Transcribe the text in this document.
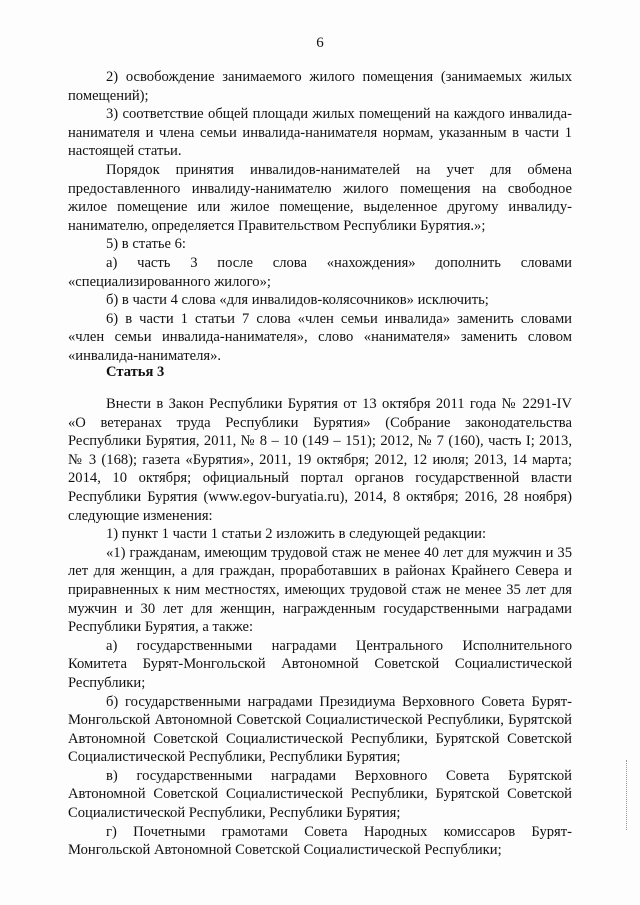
6

2) освобождение занимаемого жилого помещения (занимаемых жилых помещений);

3) соответствие общей площади жилых помещений на каждого инвалида-нанимателя и члена семьи инвалида-нанимателя нормам, указанным в части 1 настоящей статьи.

Порядок принятия инвалидов-нанимателей на учет для обмена предоставленного инвалиду-нанимателю жилого помещения на свободное жилое помещение или жилое помещение, выделенное другому инвалиду-нанимателю, определяется Правительством Республики Бурятия.»;

5) в статье 6:

а) часть 3 после слова «нахождения» дополнить словами «специализированного жилого»;

б) в части 4 слова «для инвалидов-колясочников» исключить;

6) в части 1 статьи 7 слова «член семьи инвалида» заменить словами «член семьи инвалида-нанимателя», слово «нанимателя» заменить словом «инвалида-нанимателя».

Статья 3

Внести в Закон Республики Бурятия от 13 октября 2011 года № 2291-IV «О ветеранах труда Республики Бурятия» (Собрание законодательства Республики Бурятия, 2011, № 8 – 10 (149 – 151); 2012, № 7 (160), часть I; 2013, № 3 (168); газета «Бурятия», 2011, 19 октября; 2012, 12 июля; 2013, 14 марта; 2014, 10 октября; официальный портал органов государственной власти Республики Бурятия (www.egov-buryatia.ru), 2014, 8 октября; 2016, 28 ноября) следующие изменения:

1) пункт 1 части 1 статьи 2 изложить в следующей редакции:

«1) гражданам, имеющим трудовой стаж не менее 40 лет для мужчин и 35 лет для женщин, а для граждан, проработавших в районах Крайнего Севера и приравненных к ним местностях, имеющих трудовой стаж не менее 35 лет для мужчин и 30 лет для женщин, награжденным государственными наградами Республики Бурятия, а также:

а) государственными наградами Центрального Исполнительного Комитета Бурят-Монгольской Автономной Советской Социалистической Республики;

б) государственными наградами Президиума Верховного Совета Бурят-Монгольской Автономной Советской Социалистической Республики, Бурятской Автономной Советской Социалистической Республики, Бурятской Советской Социалистической Республики, Республики Бурятия;

в) государственными наградами Верховного Совета Бурятской Автономной Советской Социалистической Республики, Бурятской Советской Социалистической Республики, Республики Бурятия;

г) Почетными грамотами Совета Народных комиссаров Бурят-Монгольской Автономной Советской Социалистической Республики;
